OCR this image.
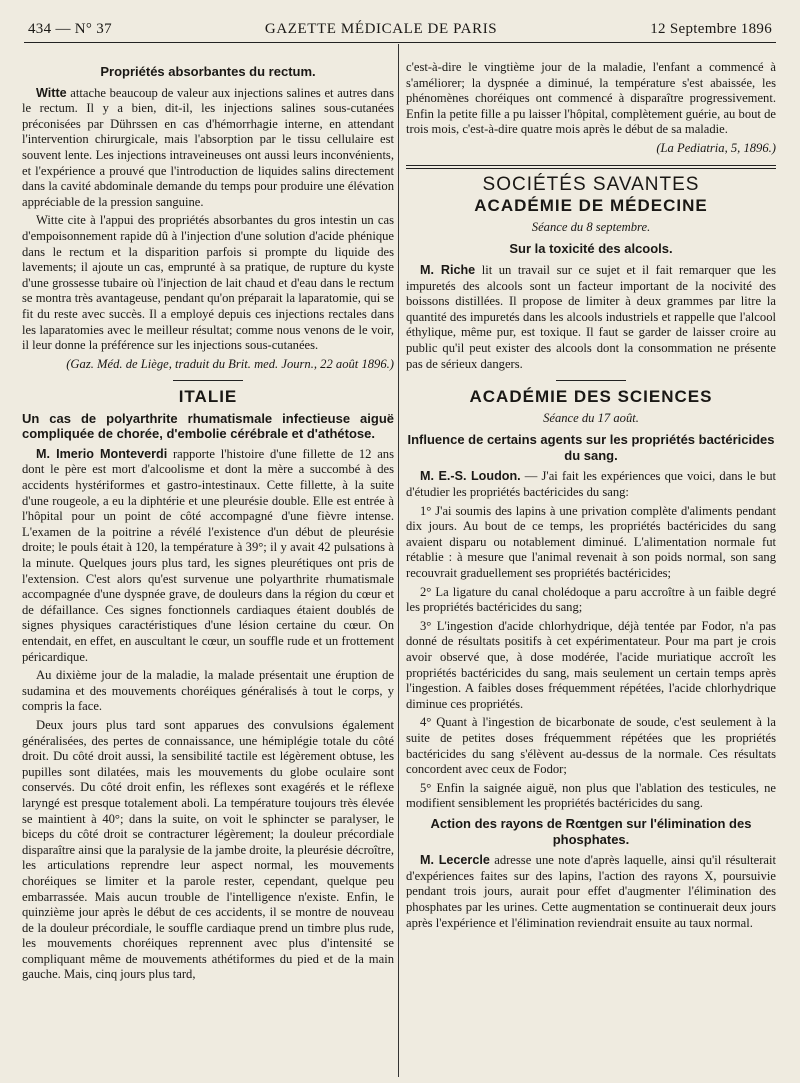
434 — N° 37	GAZETTE MÉDICALE DE PARIS	12 Septembre 1896
Propriétés absorbantes du rectum.

Witte attache beaucoup de valeur aux injections salines et autres dans le rectum. Il y a bien, dit-il, les injections salines sous-cutanées préconisées par Dührssen en cas d'hémorrhagie interne, en attendant l'intervention chirurgicale, mais l'absorption par le tissu cellulaire est souvent lente. Les injections intraveineuses ont aussi leurs inconvénients, et l'expérience a prouvé que l'introduction de liquides salins directement dans la cavité abdominale demande du temps pour produire une élévation appréciable de la pression sanguine.

Witte cite à l'appui des propriétés absorbantes du gros intestin un cas d'empoisonnement rapide dû à l'injection d'une solution d'acide phénique dans le rectum et la disparition parfois si prompte du liquide des lavements; il ajoute un cas, emprunté à sa pratique, de rupture du kyste d'une grossesse tubaire où l'injection de lait chaud et d'eau dans le rectum se montra très avantageuse, pendant qu'on préparait la laparatomie, qui se fit du reste avec succès. Il a employé depuis ces injections rectales dans les laparatomies avec le meilleur résultat; comme nous venons de le voir, il leur donne la préférence sur les injections sous-cutanées.

(Gaz. Méd. de Liège, traduit du Brit. med. Journ., 22 août 1896.)
ITALIE
Un cas de polyarthrite rhumatismale infectieuse aiguë compliquée de chorée, d'embolie cérébrale et d'athétose.

M. Imerio Monteverdi rapporte l'histoire d'une fillette de 12 ans dont le père est mort d'alcoolisme et dont la mère a succombé à des accidents hystériformes et gastro-intestinaux. Cette fillette, à la suite d'une rougeole, a eu la diphtérie et une pleurésie double. Elle est entrée à l'hôpital pour un point de côté accompagné d'une fièvre intense. L'examen de la poitrine a révélé l'existence d'un début de pleurésie droite; le pouls était à 120, la température à 39°; il y avait 42 pulsations à la minute. Quelques jours plus tard, les signes pleurétiques ont pris de l'extension. C'est alors qu'est survenue une polyarthrite rhumatismale accompagnée d'une dyspnée grave, de douleurs dans la région du cœur et de défaillance. Ces signes fonctionnels cardiaques étaient doublés de signes physiques caractéristiques d'une lésion certaine du cœur. On entendait, en effet, en auscultant le cœur, un souffle rude et un frottement péricardique.

Au dixième jour de la maladie, la malade présentait une éruption de sudamina et des mouvements choréiques généralisés à tout le corps, y compris la face.

Deux jours plus tard sont apparues des convulsions également généralisées, des pertes de connaissance, une hémiplégie totale du côté droit. Du côté droit aussi, la sensibilité tactile est légèrement obtuse, les pupilles sont dilatées, mais les mouvements du globe oculaire sont conservés. Du côté droit enfin, les réflexes sont exagérés et le réflexe laryngé est presque totalement aboli. La température toujours très élevée se maintient à 40°; dans la suite, on voit le sphincter se paralyser, le biceps du côté droit se contracturer légèrement; la douleur précordiale disparaître ainsi que la paralysie de la jambe droite, la pleurésie décroître, les articulations reprendre leur aspect normal, les mouvements choréiques se limiter et la parole rester, cependant, quelque peu embarrassée. Mais aucun trouble de l'intelligence n'existe. Enfin, le quinzième jour après le début de ces accidents, il se montre de nouveau de la douleur précordiale, le souffle cardiaque prend un timbre plus rude, les mouvements choréiques reprennent avec plus d'intensité se compliquant même de mouvements athétiformes du pied et de la main gauche. Mais, cinq jours plus tard,

c'est-à-dire le vingtième jour de la maladie, l'enfant a commencé à s'améliorer; la dyspnée a diminué, la température s'est abaissée, les phénomènes choréiques ont commencé à disparaître progressivement. Enfin la petite fille a pu laisser l'hôpital, complètement guérie, au bout de trois mois, c'est-à-dire quatre mois après le début de sa maladie.

(La Pediatria, 5, 1896.)
SOCIÉTÉS SAVANTES
ACADÉMIE DE MÉDECINE
Séance du 8 septembre.
Sur la toxicité des alcools.

M. Riche lit un travail sur ce sujet et il fait remarquer que les impuretés des alcools sont un facteur important de la nocivité des boissons distillées. Il propose de limiter à deux grammes par litre la quantité des impuretés dans les alcools industriels et rappelle que l'alcool éthylique, même pur, est toxique. Il faut se garder de laisser croire au public qu'il peut exister des alcools dont la consommation ne présente pas de sérieux dangers.

ACADÉMIE DES SCIENCES
Séance du 17 août.
Influence de certains agents sur les propriétés bactéricides du sang.

M. E.-S. Loudon. — J'ai fait les expériences que voici, dans le but d'étudier les propriétés bactéricides du sang:

1° J'ai soumis des lapins à une privation complète d'aliments pendant dix jours. Au bout de ce temps, les propriétés bactéricides du sang avaient disparu ou notablement diminué. L'alimentation normale fut rétablie : à mesure que l'animal revenait à son poids normal, son sang recouvrait graduellement ses propriétés bactéricides;

2° La ligature du canal cholédoque a paru accroître à un faible degré les propriétés bactéricides du sang;

3° L'ingestion d'acide chlorhydrique, déjà tentée par Fodor, n'a pas donné de résultats positifs à cet expérimentateur. Pour ma part je crois avoir observé que, à dose modérée, l'acide muriatique accroît les propriétés bactéricides du sang, mais seulement un certain temps après l'ingestion. A faibles doses fréquemment répétées, l'acide chlorhydrique diminue ces propriétés.

4° Quant à l'ingestion de bicarbonate de soude, c'est seulement à la suite de petites doses fréquemment répétées que les propriétés bactéricides du sang s'élèvent au-dessus de la normale. Ces résultats concordent avec ceux de Fodor;

5° Enfin la saignée aiguë, non plus que l'ablation des testicules, ne modifient sensiblement les propriétés bactéricides du sang.

Action des rayons de Rœntgen sur l'élimination des phosphates.

M. Lecercle adresse une note d'après laquelle, ainsi qu'il résulterait d'expériences faites sur des lapins, l'action des rayons X, poursuivie pendant trois jours, aurait pour effet d'augmenter l'élimination des phosphates par les urines. Cette augmentation se continuerait deux jours après l'expérience et l'élimination reviendrait ensuite au taux normal.
